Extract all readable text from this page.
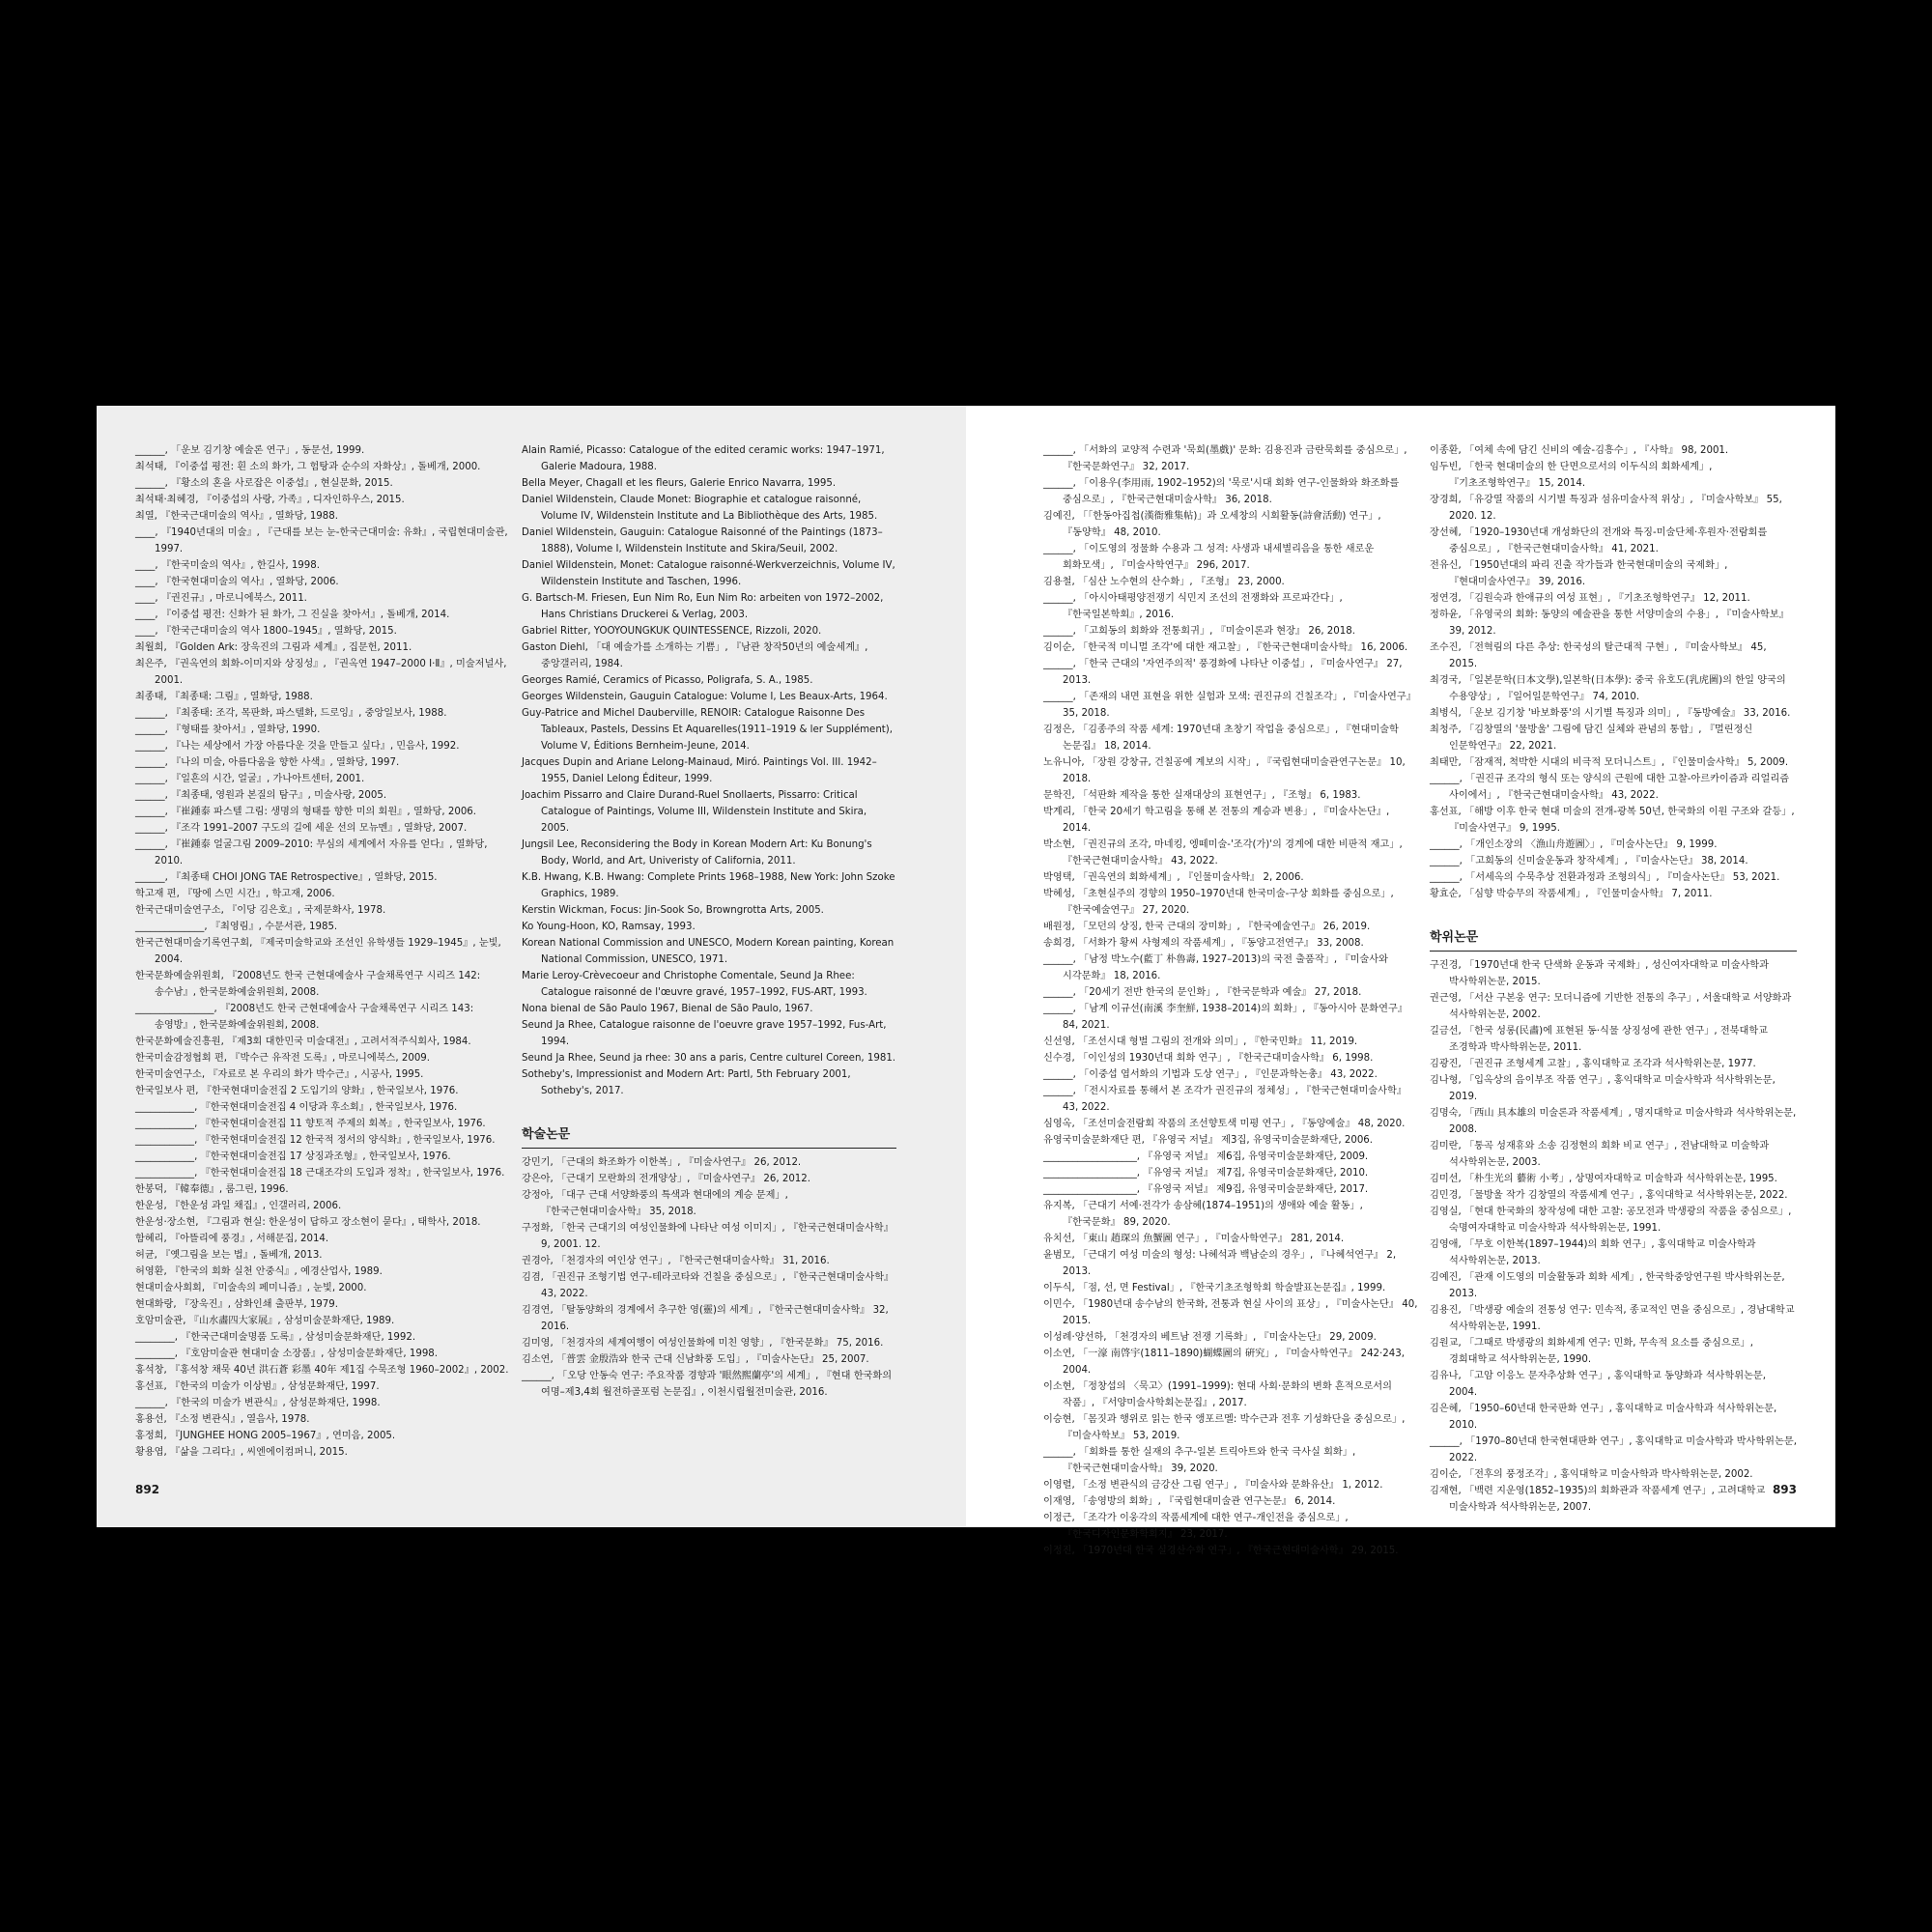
______, 「운보 김기창 예술론 연구」, 동문선, 1999.

최석태, 『이중섭 평전: 흰 소의 화가, 그 험탕과 순수의 자화상』, 돌베개, 2000.

______, 『황소의 혼을 사로잡은 이중섭』, 현실문화, 2015.

최석태·최혜경, 『이중섭의 사랑, 가족』, 디자인하우스, 2015.

최열, 『한국근대미술의 역사』, 열화당, 1988.

____, 『1940년대의 미술』, 『근대를 보는 눈-한국근대미술: 유화』, 국립현대미술관, 1997.

____, 『한국미술의 역사』, 한길사, 1998.

____, 『한국현대미술의 역사』, 열화당, 2006.

____, 『권진규』, 마로니에북스, 2011.

____, 『이중섭 평전: 신화가 된 화가, 그 진실을 찾아서』, 돌베개, 2014.

____, 『한국근대미술의 역사 1800–1945』, 열화당, 2015.

최월희, 『Golden Ark: 장욱진의 그림과 세계』, 집문헌, 2011.

최은주, 『권옥연의 회화-이미지와 상징성』, 『권옥연 1947–2000 Ⅰ·Ⅱ』, 미술저널사, 2001.

최종태, 『최종태: 그림』, 열화당, 1988.

______, 『최종태: 조각, 목판화, 파스텔화, 드로잉』, 중앙일보사, 1988.

______, 『형태를 찾아서』, 열화당, 1990.

______, 『나는 세상에서 가장 아름다운 것을 만들고 싶다』, 민음사, 1992.

______, 『나의 미술, 아름다움을 향한 사색』, 열화당, 1997.

______, 『일흔의 시간, 얼굴』, 가나아트센터, 2001.

______, 『최종태, 영원과 본질의 탐구』, 미술사랑, 2005.

______, 『崔鍾泰 파스텔 그림: 생명의 형태를 향한 미의 회원』, 열화당, 2006.

______, 『조각 1991–2007 구도의 길에 세운 선의 모뉴멘』, 열화당, 2007.

______, 『崔鍾泰 얼굴그림 2009–2010: 무심의 세계에서 자유를 얻다』, 열화당, 2010.

______, 『최종태 CHOI JONG TAE Retrospective』, 열화당, 2015.

학고재 편, 『땅에 스민 시간』, 학고재, 2006.

한국근대미술연구소, 『이당 김은호』, 국제문화사, 1978.

______________, 『최영림』, 수문서관, 1985.

한국근현대미술기록연구회, 『제국미술학교와 조선인 유학생들 1929–1945』, 눈빛, 2004.

한국문화예술위원회, 『2008년도 한국 근현대예술사 구술채록연구 시리즈 142: 송수남』, 한국문화예술위원회, 2008.

________________, 『2008년도 한국 근현대예술사 구술채록연구 시리즈 143: 송영방』, 한국문화예술위원회, 2008.

한국문화예술진흥원, 『제3회 대한민국 미술대전』, 고려서적주식회사, 1984.

한국미술감정협회 편, 『박수근 유작전 도록』, 마로니에북스, 2009.

한국미술연구소, 『자료로 본 우리의 화가 박수근』, 시공사, 1995.

한국일보사 편, 『한국현대미술전집 2 도입기의 양화』, 한국일보사, 1976.

____________, 『한국현대미술전집 4 이당과 후소회』, 한국일보사, 1976.

____________, 『한국현대미술전집 11 향토적 주제의 회복』, 한국일보사, 1976.

____________, 『한국현대미술전집 12 한국적 정서의 양식화』, 한국일보사, 1976.

____________, 『한국현대미술전집 17 상징과조형』, 한국일보사, 1976.

____________, 『한국현대미술전집 18 근대조각의 도입과 정착』, 한국일보사, 1976.

한봉덕, 『韓奉德』, 룸그린, 1996.

한운성, 『한운성 과일 채집』, 인갤러리, 2006.

한운성·장소현, 『그림과 현실: 한운성이 답하고 장소현이 묻다』, 태학사, 2018.

함혜리, 『아뜰리에 풍경』, 서해문집, 2014.

허균, 『옛그림을 보는 법』, 돌베개, 2013.

허영환, 『한국의 회화 실천 안중식』, 예경산업사, 1989.

현대미술사회회, 『미술속의 페미니즘』, 눈빛, 2000.

현대화랑, 『장욱진』, 삼화인쇄 출판부, 1979.

호암미술관, 『山水畵四大家展』, 삼성미술문화재단, 1989.

________, 『한국근대미술명품 도록』, 삼성미술문화재단, 1992.

________, 『호암미술관 현대미술 소장품』, 삼성미술문화재단, 1998.

홍석창, 『홍석창 채묵 40년 洪石蒼 彩墨 40年 제1집 수묵조형 1960–2002』, 2002.

홍선표, 『한국의 미술가 이상범』, 삼성문화재단, 1997.

______, 『한국의 미술가 변관식』, 삼성문화재단, 1998.

홍용선, 『소정 변관식』, 열음사, 1978.

홍정희, 『JUNGHEE HONG 2005–1967』, 연미음, 2005.

황용엽, 『삶을 그리다』, 씨엔에이컴퍼니, 2015.

Alain Ramié, Picasso: Catalogue of the edited ceramic works: 1947–1971, Galerie Madoura, 1988.

Bella Meyer, Chagall et les fleurs, Galerie Enrico Navarra, 1995.

Daniel Wildenstein, Claude Monet: Biographie et catalogue raisonné, Volume IV, Wildenstein Institute and La Bibliothèque des Arts, 1985.

Daniel Wildenstein, Gauguin: Catalogue Raisonné of the Paintings (1873–1888), Volume I, Wildenstein Institute and Skira/Seuil, 2002.

Daniel Wildenstein, Monet: Catalogue raisonné-Werkverzeichnis, Volume IV, Wildenstein Institute and Taschen, 1996.

G. Bartsch-M. Friesen, Eun Nim Ro, Eun Nim Ro: arbeiten von 1972–2002, Hans Christians Druckerei & Verlag, 2003.

Gabriel Ritter, YOOYOUNGKUK QUINTESSENCE, Rizzoli, 2020.

Gaston Diehl, 「대 예술가를 소개하는 기쁨」, 『남관 창작50년의 예술세계』, 중앙갤러리, 1984.

Georges Ramié, Ceramics of Picasso, Poligrafa, S. A., 1985.

Georges Wildenstein, Gauguin Catalogue: Volume I, Les Beaux-Arts, 1964.

Guy-Patrice and Michel Dauberville, RENOIR: Catalogue Raisonne Des Tableaux, Pastels, Dessins Et Aquarelles(1911–1919 & ler Supplément), Volume V, Éditions Bernheim-Jeune, 2014.

Jacques Dupin and Ariane Lelong-Mainaud, Miró. Paintings Vol. III. 1942–1955, Daniel Lelong Éditeur, 1999.

Joachim Pissarro and Claire Durand-Ruel Snollaerts, Pissarro: Critical Catalogue of Paintings, Volume III, Wildenstein Institute and Skira, 2005.

Jungsil Lee, Reconsidering the Body in Korean Modern Art: Ku Bonung's Body, World, and Art, Univeristy of California, 2011.

K.B. Hwang, K.B. Hwang: Complete Prints 1968–1988, New York: John Szoke Graphics, 1989.

Kerstin Wickman, Focus: Jin-Sook So, Browngrotta Arts, 2005.

Ko Young-Hoon, KO, Ramsay, 1993.

Korean National Commission and UNESCO, Modern Korean painting, Korean National Commission, UNESCO, 1971.

Marie Leroy-Crèvecoeur and Christophe Comentale, Seund Ja Rhee: Catalogue raisonné de l'œuvre gravé, 1957–1992, FUS-ART, 1993.

Nona bienal de São Paulo 1967, Bienal de São Paulo, 1967.

Seund Ja Rhee, Catalogue raisonne de l'oeuvre grave 1957–1992, Fus-Art, 1994.

Seund Ja Rhee, Seund ja rhee: 30 ans a paris, Centre culturel Coreen, 1981.

Sotheby's, Impressionist and Modern Art: PartI, 5th February 2001, Sotheby's, 2017.

학술논문

강민기, 「근대의 화조화가 이한복」, 『미술사연구』 26, 2012.

강은아, 「근대기 모란화의 전개양상」, 『미술사연구』 26, 2012.

강정아, 「대구 근대 서양화풍의 특색과 현대에의 계승 문제」, 『한국근현대미술사학』 35, 2018.

구정화, 「한국 근대기의 여성인물화에 나타난 여성 이미지」, 『한국근현대미술사학』 9, 2001. 12.

권경아, 「천경자의 여인상 연구」, 『한국근현대미술사학』 31, 2016.

김겸, 「권진규 조형기법 연구-테라코타와 건칠을 중심으로」, 『한국근현대미술사학』 43, 2022.

김경연, 「탈동양화의 경계에서 추구한 영(靈)의 세계」, 『한국근현대미술사학』 32, 2016.

김미영, 「천경자의 세계여행이 여성인물화에 미친 영향」, 『한국문화』 75, 2016.

김소연, 「普雲 金殷浩와 한국 근대 신남화풍 도입」, 『미술사논단』 25, 2007.

______, 「오당 안동숙 연구: 주요작품 경향과 '眼然熙蘭亭'의 세계」, 『현대 한국화의 여명–제3,4회 월전하골포럼 논문집』, 이천시립월전미술관, 2016.

892

______, 「서화의 교양적 수련과 '묵희(墨戲)' 문화: 김용진과 금란묵회를 중심으로」, 『한국문화연구』 32, 2017.

______, 「이용우(李用雨, 1902–1952)의 '묵로'시대 회화 연구-인물화와 화조화를 중심으로」, 『한국근현대미술사학』 36, 2018.

김예진, 「「한동아집첩(漢衙雅集帖)」과 오세창의 시회활동(詩會活動) 연구」, 『동양학』 48, 2010.

______, 「이도영의 정물화 수용과 그 성격: 사생과 내세별리음을 통한 새로운 회화모색」, 『미술사학연구』 296, 2017.

김용철, 「심산 노수현의 산수화」, 『조형』 23, 2000.

______, 「아시아태평양전쟁기 식민지 조선의 전쟁화와 프로파간다」, 『한국일본학회』, 2016.

______, 「고희동의 회화와 전통회귀」, 『미술이론과 현장』 26, 2018.

김이순, 「한국적 미니멀 조각'에 대한 재고찰」, 『한국근현대미술사학』 16, 2006.

______, 「한국 근대의 '자연주의적' 풍경화에 나타난 이중섭」, 『미술사연구』 27, 2013.

______, 「존재의 내면 표현을 위한 실험과 모색: 권진규의 건칠조각」, 『미술사연구』 35, 2018.

김정은, 「김종주의 작품 세계: 1970년대 초창기 작업을 중심으로」, 『현대미술학 논문집』 18, 2014.

노유니아, 「장원 강창규, 건칠공예 계보의 시작」, 『국립현대미술관연구논문』 10, 2018.

문학진, 「석판화 제작을 통한 실재대상의 표현연구」, 『조형』 6, 1983.

박계리, 「한국 20세기 학고림을 통해 본 전통의 계승과 변용」, 『미술사논단』, 2014.

박소현, 「권진규의 조각, 마네킹, 엥떼미술-'조각(가)'의 경계에 대한 비판적 재고」, 『한국근현대미술사학』 43, 2022.

박영택, 「권옥연의 회화세계」, 『인물미술사학』 2, 2006.

박혜성, 「초현실주의 경향의 1950–1970년대 한국미술-구상 회화를 중심으로」, 『한국예술연구』 27, 2020.

배원정, 「모던의 상징, 한국 근대의 장미화」, 『한국예술연구』 26, 2019.

송희경, 「서화가 황씨 사형제의 작품세계」, 『동양고전연구』 33, 2008.

______, 「남정 박노수(藍丁 朴魯壽, 1927–2013)의 국전 출품작」, 『미술사와 시각문화』 18, 2016.

______, 「20세기 전반 한국의 문인화」, 『한국문학과 예술』 27, 2018.

______, 「남계 이규선(南溪 李奎鮮, 1938–2014)의 회화」, 『동아시아 문화연구』 84, 2021.

신선영, 「조선시대 형벌 그림의 전개와 의미」, 『한국민화』 11, 2019.

신수경, 「이인성의 1930년대 회화 연구」, 『한국근대미술사학』 6, 1998.

______, 「이중섭 엽서화의 기법과 도상 연구」, 『인문과학논총』 43, 2022.

______, 「전시자료를 통해서 본 조각가 권진규의 정체성」, 『한국근현대미술사학』 43, 2022.

심영옥, 「조선미술전람회 작품의 조선향토색 미평 연구」, 『동양예술』 48, 2020.

유영국미술문화재단 편, 『유영국 저널』 제3집, 유영국미술문화재단, 2006.

___________________, 『유영국 저널』 제6집, 유영국미술문화재단, 2009.

___________________, 『유영국 저널』 제7집, 유영국미술문화재단, 2010.

___________________, 『유영국 저널』 제9집, 유영국미술문화재단, 2017.

유지복, 「근대기 서예·전각가 송삼혜(1874–1951)의 생애와 예술 활동」, 『한국문화』 89, 2020.

유치선, 「東山 趙琛의 魚蟹圖 연구」, 『미술사학연구』 281, 2014.

윤범모, 「근대기 여성 미술의 형성: 나혜석과 백남순의 경우」, 『나혜석연구』 2, 2013.

이두식, 「점, 선, 면 Festival」, 『한국기초조형학회 학술발표논문집』, 1999.

이민수, 「1980년대 송수남의 한국화, 전통과 현실 사이의 표상」, 『미술사논단』 40, 2015.

이성례·양선하, 「천경자의 베트남 전쟁 기록화」, 『미술사논단』 29, 2009.

이소연, 「一濠 南啓宇(1811–1890)蝴蝶圖의 硏究」, 『미술사학연구』 242·243, 2004.

이소현, 「정창섭의 〈묵고〉(1991–1999): 현대 사회·문화의 변화 흔적으로서의 작품」, 『서양미술사학회논문집』, 2017.

이승현, 「몸짓과 행위로 읽는 한국 앵포르멜: 박수근과 전후 기성화단을 중심으로」, 『미술사학보』 53, 2019.

______, 「회화를 통한 실재의 추구-일본 트릭아트와 한국 극사실 회화」, 『한국근현대미술사학』 39, 2020.

이영렬, 「소정 변관식의 금강산 그림 연구」, 『미술사와 문화유산』 1, 2012.

이재영, 「송영방의 회화」, 『국립현대미술관 연구논문』 6, 2014.

이정근, 「조각가 이웅각의 작품세계에 대한 연구-개인전을 중심으로」, 『한국디자인문화학회지』 23, 2017.

이정진, 「1970년대 한국 실경산수화 연구」, 『한국근현대미술사학』 29, 2015.

이종환, 「여체 속에 담긴 신비의 예술-김흥수」, 『사학』 98, 2001.

임두빈, 「한국 현대미술의 한 단면으로서의 이두식의 회화세계」, 『기초조형학연구』 15, 2014.

장경희, 「유강열 작품의 시기별 특징과 섬유미술사적 위상」, 『미술사학보』 55, 2020. 12.

장선혜, 「1920–1930년대 개성화단의 전개와 특징-미술단체·후원자·전람회를 중심으로」, 『한국근현대미술사학』 41, 2021.

전유신, 「1950년대의 파리 진출 작가들과 한국현대미술의 국제화」, 『현대미술사연구』 39, 2016.

정연경, 「김원숙과 한애규의 여성 표현」, 『기초조형학연구』 12, 2011.

정하윤, 「유영국의 회화: 동양의 예술관을 통한 서양미술의 수용」, 『미술사학보』 39, 2012.

조수진, 「전혁림의 다른 추상: 한국성의 탈근대적 구현」, 『미술사학보』 45, 2015.

최경국, 「일본문학(日本文學),일본학(日本學): 중국 유호도(乳虎圖)의 한일 양국의 수용양상」, 『일어일문학연구』 74, 2010.

최병식, 「운보 김기창 '바보화풍'의 시기별 특징과 의미」, 『동방예술』 33, 2016.

최청주, 「김창열의 '물방울' 그림에 담긴 실체와 관념의 통합」, 『멀린정신 인문학연구』 22, 2021.

최태만, 「잠재적, 척박한 시대의 비극적 모더니스트」, 『인물미술사학』 5, 2009.

______, 「권진규 조각의 형식 또는 양식의 근원에 대한 고찰-아르카이즘과 리얼리즘 사이에서」, 『한국근현대미술사학』 43, 2022.

홍선표, 「해방 이후 한국 현대 미술의 전개-광복 50년, 한국화의 이원 구조와 갈등」, 『미술사연구』 9, 1995.

______, 「개인소장의 〈漁山舟遊圖〉」, 『미술사논단』 9, 1999.

______, 「고희동의 신미술운동과 창작세계」, 『미술사논단』 38, 2014.

______, 「서세옥의 수묵추상 전환과정과 조형의식」, 『미술사논단』 53, 2021.

황효순, 「심향 박승무의 작품세계」, 『인물미술사학』 7, 2011.

학위논문

구진경, 「1970년대 한국 단색화 운동과 국제화」, 성신여자대학교 미술사학과 박사학위논문, 2015.

권근영, 「서산 구본웅 연구: 모더니즘에 기반한 전통의 추구」, 서울대학교 서양화과 석사학위논문, 2002.

길금선, 「한국 성롱(民畵)에 표현된 동·식물 상징성에 관한 연구」, 전북대학교 조경학과 박사학위논문, 2011.

김광진, 「권진규 조형세계 고찰」, 홍익대학교 조각과 석사학위논문, 1977.

김나형, 「입옥상의 음이부조 작품 연구」, 홍익대학교 미술사학과 석사학위논문, 2019.

김명숙, 「西山 具本雄의 미술론과 작품세계」, 명지대학교 미술사학과 석사학위논문, 2008.

김미란, 「통곡 성재휴와 소송 김정현의 회화 비교 연구」, 전남대학교 미술학과 석사학위논문, 2003.

김미선, 「朴生光의 藝術 小考」, 상명여자대학교 미술학과 석사학위논문, 1995.

김민경, 「물방울 작가 김창열의 작품세계 연구」, 홍익대학교 석사학위논문, 2022.

김영실, 「현대 한국화의 창작성에 대한 고찰: 공모전과 박생광의 작품을 중심으로」, 숙명여자대학교 미술사학과 석사학위논문, 1991.

김영애, 「무호 이한복(1897–1944)의 회화 연구」, 홍익대학교 미술사학과 석사학위논문, 2013.

김예진, 「관재 이도영의 미술활동과 회화 세계」, 한국학중앙연구원 박사학위논문, 2013.

김용진, 「박생광 예술의 전통성 연구: 민속적, 종교적인 면을 중심으로」, 경남대학교 석사학위논문, 1991.

김원교, 「그때로 박생광의 회화세계 연구: 민화, 무속적 요소를 중심으로」, 경희대학교 석사학위논문, 1990.

김유나, 「고암 이응노 문자추상화 연구」, 홍익대학교 동양화과 석사학위논문, 2004.

김은혜, 「1950–60년대 한국판화 연구」, 홍익대학교 미술사학과 석사학위논문, 2010.

______, 「1970–80년대 한국현대판화 연구」, 홍익대학교 미술사학과 박사학위논문, 2022.

김이순, 「전후의 풍정조각」, 홍익대학교 미술사학과 박사학위논문, 2002.

김재현, 「백련 지운영(1852–1935)의 회화관과 작품세계 연구」, 고려대학교 미술사학과 석사학위논문, 2007.

893
